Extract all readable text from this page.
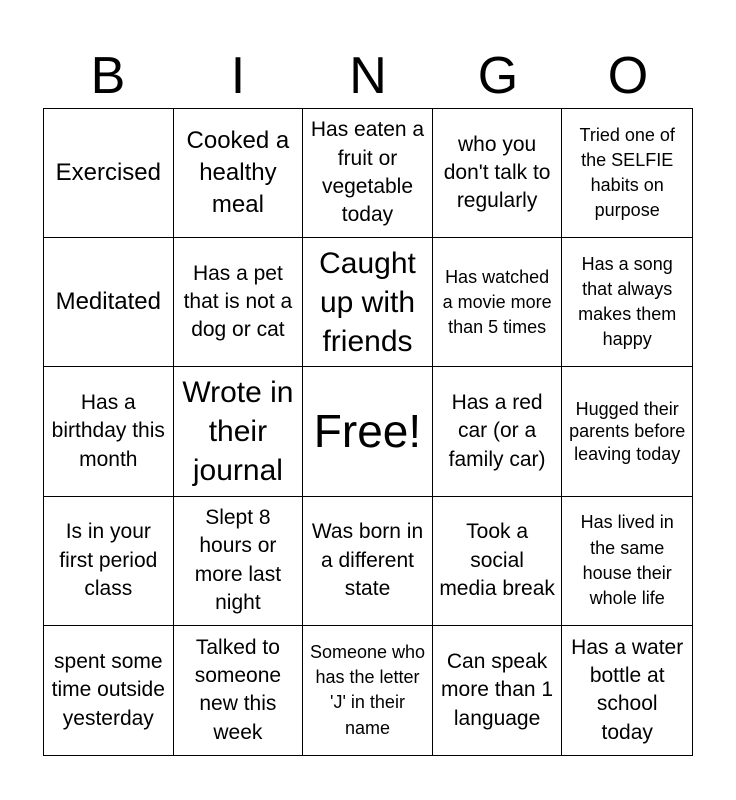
B	I	N	G	O
Exercised
Cooked a healthy meal
Has eaten a fruit or vegetable today
who you don't talk to regularly
Tried one of the SELFIE habits on purpose
Meditated
Has a pet that is not a dog or cat
Caught up with friends
Has watched a movie more than 5 times
Has a song that always makes them happy
Has a birthday this month
Wrote in their journal
Free!
Has a red car (or a family car)
Hugged their parents before leaving today
Is in your first period class
Slept 8 hours or more last night
Was born in a different state
Took a social media break
Has lived in the same house their whole life
spent some time outside yesterday
Talked to someone new this week
Someone who has the letter 'J' in their name
Can speak more than 1 language
Has a water bottle at school today
